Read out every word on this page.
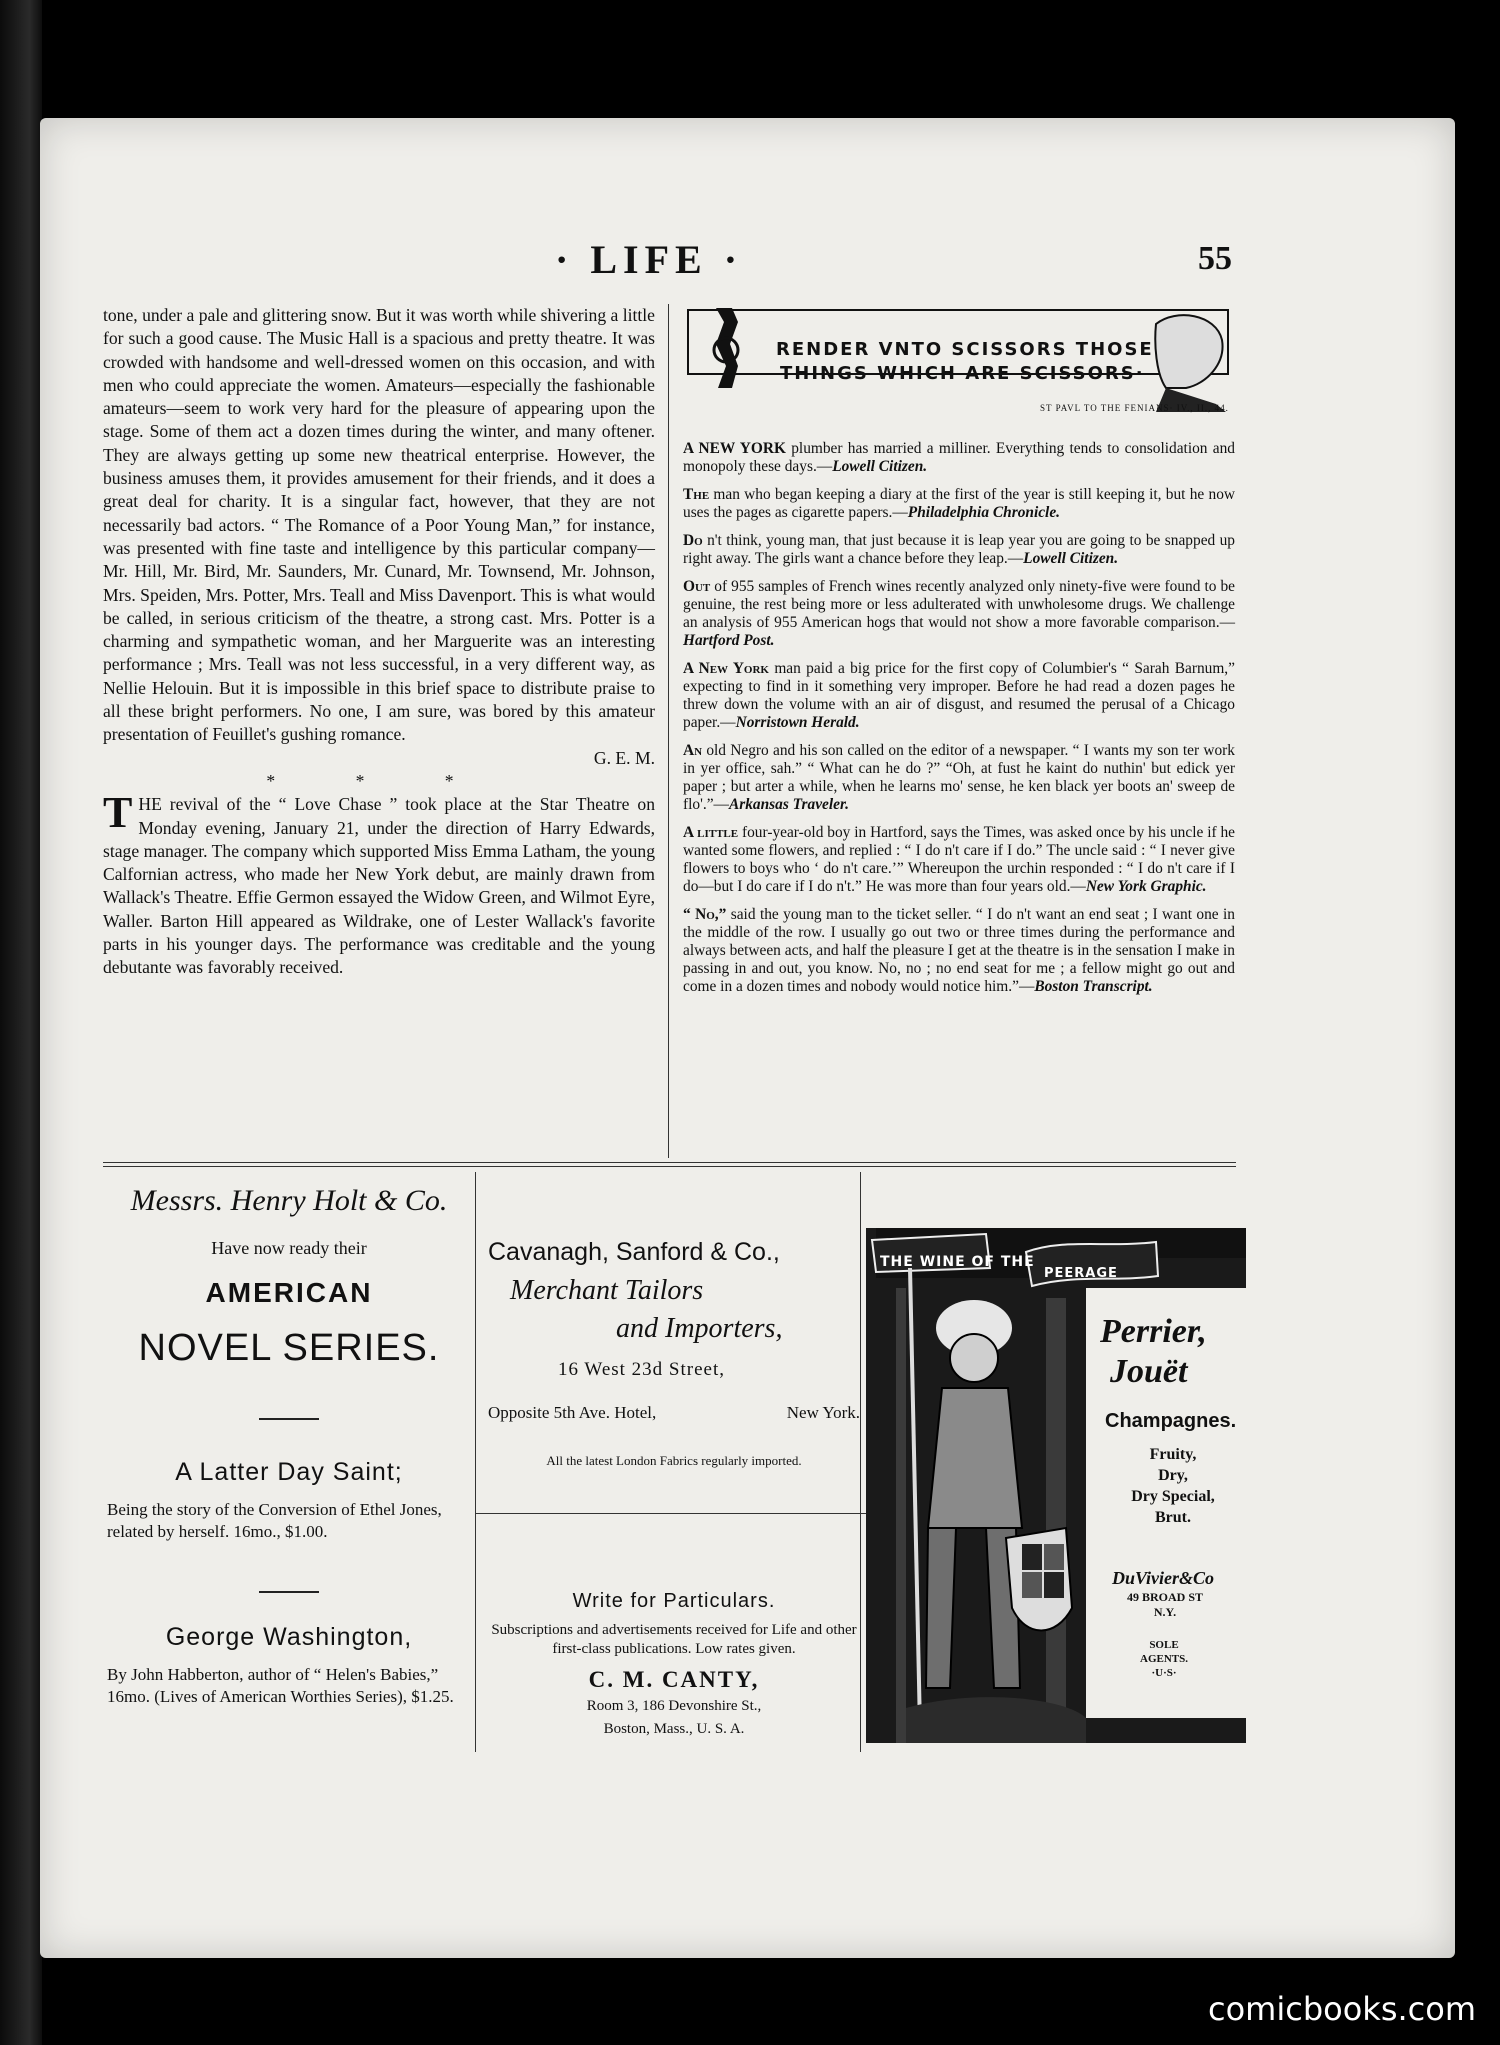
· LIFE ·	55

tone, under a pale and glittering snow. But it was worth while shivering a little for such a good cause. The Music Hall is a spacious and pretty theatre. It was crowded with handsome and well-dressed women on this occasion, and with men who could appreciate the women. Amateurs—especially the fashionable amateurs—seem to work very hard for the pleasure of appearing upon the stage. Some of them act a dozen times during the winter, and many oftener. They are always getting up some new theatrical enterprise. However, the business amuses them, it provides amusement for their friends, and it does a great deal for charity. It is a singular fact, however, that they are not necessarily bad actors. “ The Romance of a Poor Young Man,” for instance, was presented with fine taste and intelligence by this particular company—Mr. Hill, Mr. Bird, Mr. Saunders, Mr. Cunard, Mr. Townsend, Mr. Johnson, Mrs. Speiden, Mrs. Potter, Mrs. Teall and Miss Davenport. This is what would be called, in serious criticism of the theatre, a strong cast. Mrs. Potter is a charming and sympathetic woman, and her Marguerite was an interesting performance ; Mrs. Teall was not less successful, in a very different way, as Nellie Helouin. But it is impossible in this brief space to distribute praise to all these bright performers. No one, I am sure, was bored by this amateur presentation of Feuillet's gushing romance.

G. E. M.

* * *

THE revival of the “ Love Chase ” took place at the Star Theatre on Monday evening, January 21, under the direction of Harry Edwards, stage manager. The company which supported Miss Emma Latham, the young Calfornian actress, who made her New York debut, are mainly drawn from Wallack's Theatre. Effie Germon essayed the Widow Green, and Wilmot Eyre, Waller. Barton Hill appeared as Wildrake, one of Lester Wallack's favorite parts in his younger days. The performance was creditable and the young debutante was favorably received.

RENDER VNTO SCISSORS THOSE
THINGS WHICH ARE SCISSORS·
ST PAVL TO THE FENIANS· IV., II., 44.

A NEW YORK plumber has married a milliner. Everything tends to consolidation and monopoly these days.—Lowell Citizen.

The man who began keeping a diary at the first of the year is still keeping it, but he now uses the pages as cigarette papers.—Philadelphia Chronicle.

Do n't think, young man, that just because it is leap year you are going to be snapped up right away. The girls want a chance before they leap.—Lowell Citizen.

Out of 955 samples of French wines recently analyzed only ninety-five were found to be genuine, the rest being more or less adulterated with unwholesome drugs. We challenge an analysis of 955 American hogs that would not show a more favorable comparison.—Hartford Post.

A New York man paid a big price for the first copy of Columbier's “ Sarah Barnum,” expecting to find in it something very improper. Before he had read a dozen pages he threw down the volume with an air of disgust, and resumed the perusal of a Chicago paper.—Norristown Herald.

An old Negro and his son called on the editor of a newspaper. “ I wants my son ter work in yer office, sah.” “ What can he do ?” “Oh, at fust he kaint do nuthin' but edick yer paper ; but arter a while, when he learns mo' sense, he ken black yer boots an' sweep de flo'.”—Arkansas Traveler.

A little four-year-old boy in Hartford, says the Times, was asked once by his uncle if he wanted some flowers, and replied : “ I do n't care if I do.” The uncle said : “ I never give flowers to boys who ‘ do n't care.’” Whereupon the urchin responded : “ I do n't care if I do—but I do care if I do n't.” He was more than four years old.—New York Graphic.

“ No,” said the young man to the ticket seller. “ I do n't want an end seat ; I want one in the middle of the row. I usually go out two or three times during the performance and always between acts, and half the pleasure I get at the theatre is in the sensation I make in passing in and out, you know. No, no ; no end seat for me ; a fellow might go out and come in a dozen times and nobody would notice him.”—Boston Transcript.

Messrs. Henry Holt & Co.
Have now ready their
AMERICAN
NOVEL SERIES.
A Latter Day Saint;
Being the story of the Conversion of Ethel Jones, related by herself. 16mo., $1.00.
George Washington,
By John Habberton, author of “ Helen's Babies,” 16mo. (Lives of American Worthies Series), $1.25.
Cavanagh, Sanford & Co.,
Merchant Tailors
and Importers,
16 West 23d Street,
Opposite 5th Ave. Hotel,	New York.
All the latest London Fabrics regularly imported.
Write for Particulars.
Subscriptions and advertisements received for Life and other first-class publications. Low rates given.
C. M. CANTY,
Room 3, 186 Devonshire St.,
Boston, Mass., U. S. A.
THE WINE OF THE
PEERAGE
Perrier,
Jouët
Champagnes.
Fruity,
Dry,
Dry Special,
Brut.
DuVivier&Co
49 BROAD ST
N.Y.
SOLE AGENTS.
·U·S·
comicbooks.com
